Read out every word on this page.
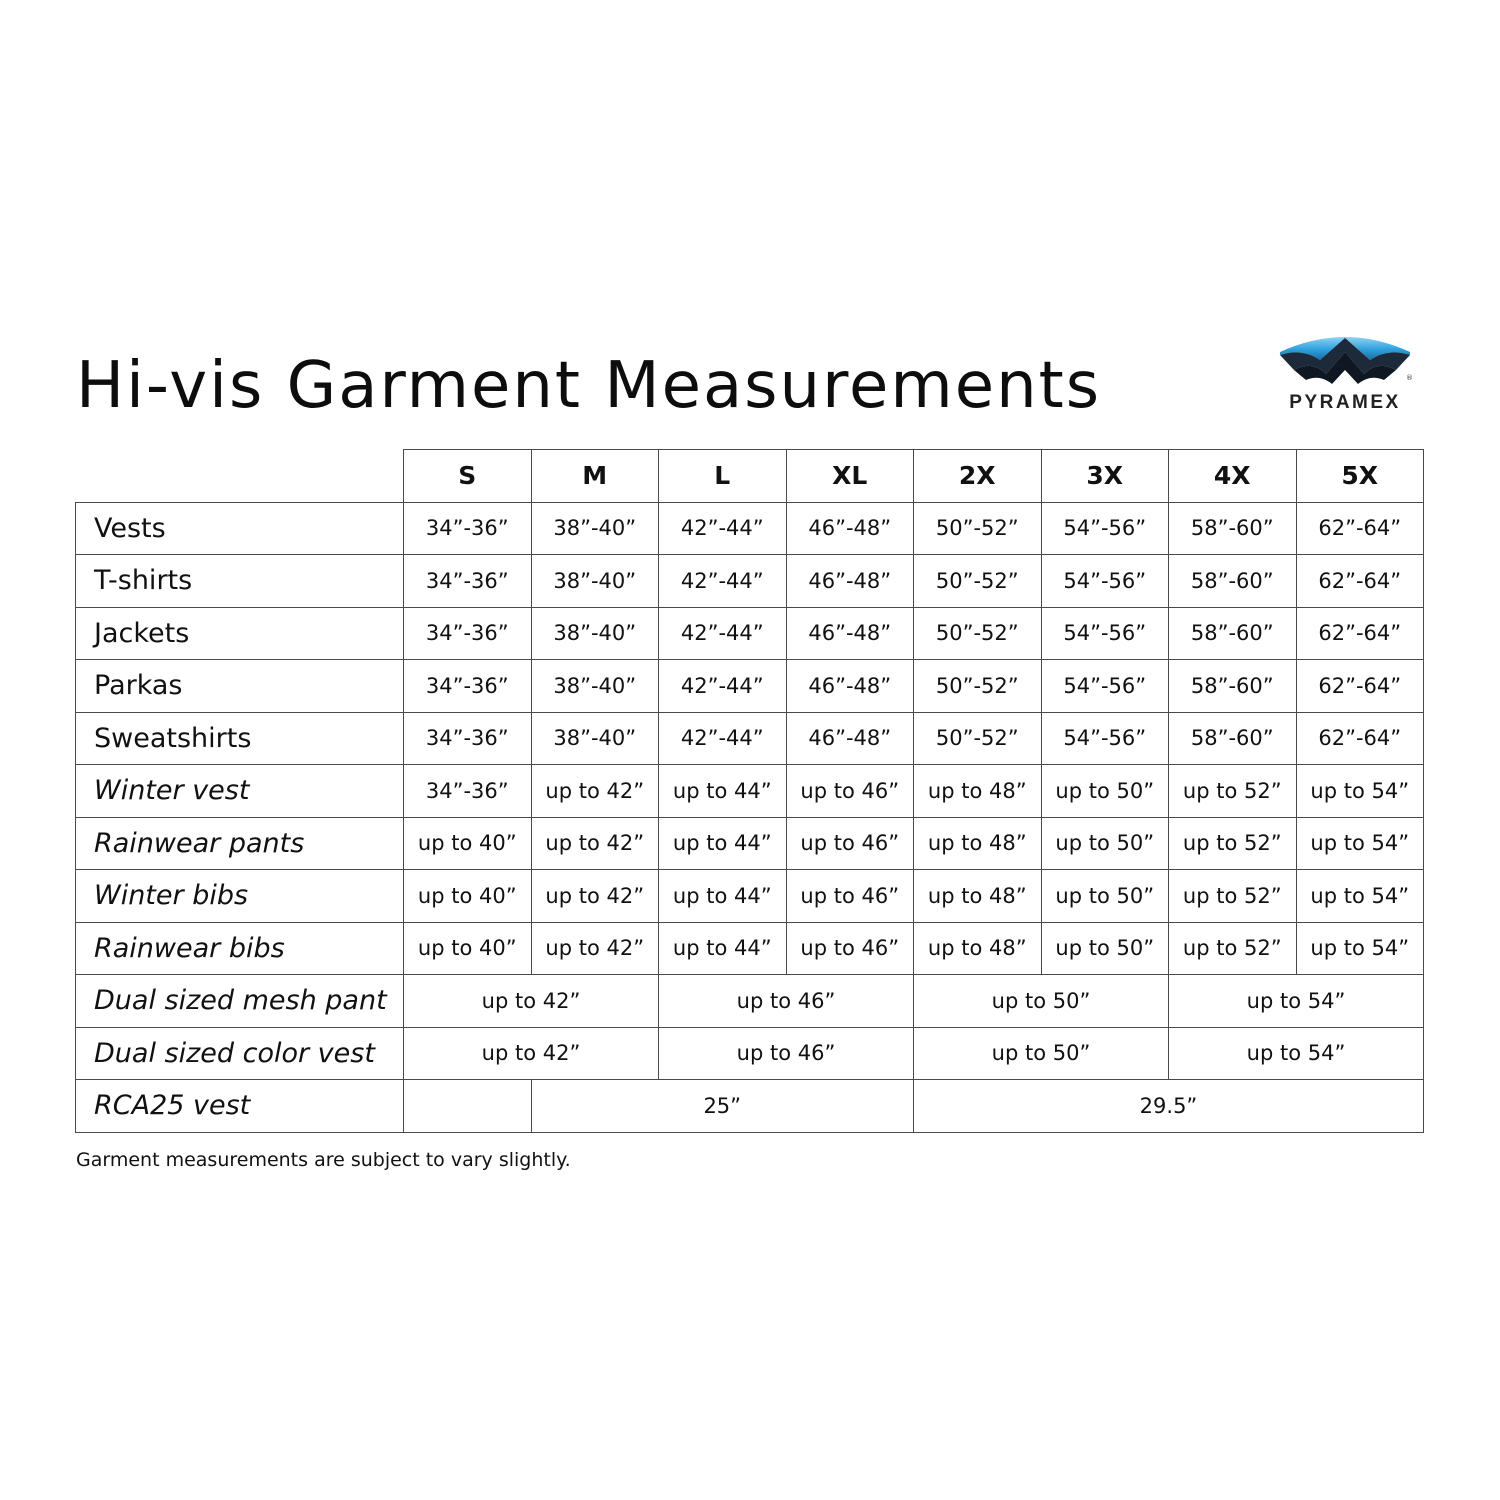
Hi-vis Garment Measurements	®
PYRAMEX
	S	M	L	XL	2X	3X	4X	5X
Vests	34”-36”	38”-40”	42”-44”	46”-48”	50”-52”	54”-56”	58”-60”	62”-64”
T-shirts	34”-36”	38”-40”	42”-44”	46”-48”	50”-52”	54”-56”	58”-60”	62”-64”
Jackets	34”-36”	38”-40”	42”-44”	46”-48”	50”-52”	54”-56”	58”-60”	62”-64”
Parkas	34”-36”	38”-40”	42”-44”	46”-48”	50”-52”	54”-56”	58”-60”	62”-64”
Sweatshirts	34”-36”	38”-40”	42”-44”	46”-48”	50”-52”	54”-56”	58”-60”	62”-64”
Winter vest	34”-36”	up to 42”	up to 44”	up to 46”	up to 48”	up to 50”	up to 52”	up to 54”
Rainwear pants	up to 40”	up to 42”	up to 44”	up to 46”	up to 48”	up to 50”	up to 52”	up to 54”
Winter bibs	up to 40”	up to 42”	up to 44”	up to 46”	up to 48”	up to 50”	up to 52”	up to 54”
Rainwear bibs	up to 40”	up to 42”	up to 44”	up to 46”	up to 48”	up to 50”	up to 52”	up to 54”
Dual sized mesh pant	up to 42”		up to 46”		up to 50”		up to 54”	
Dual sized color vest	up to 42”		up to 46”		up to 50”		up to 54”	
RCA25 vest		25”			29.5”			
Garment measurements are subject to vary slightly.
